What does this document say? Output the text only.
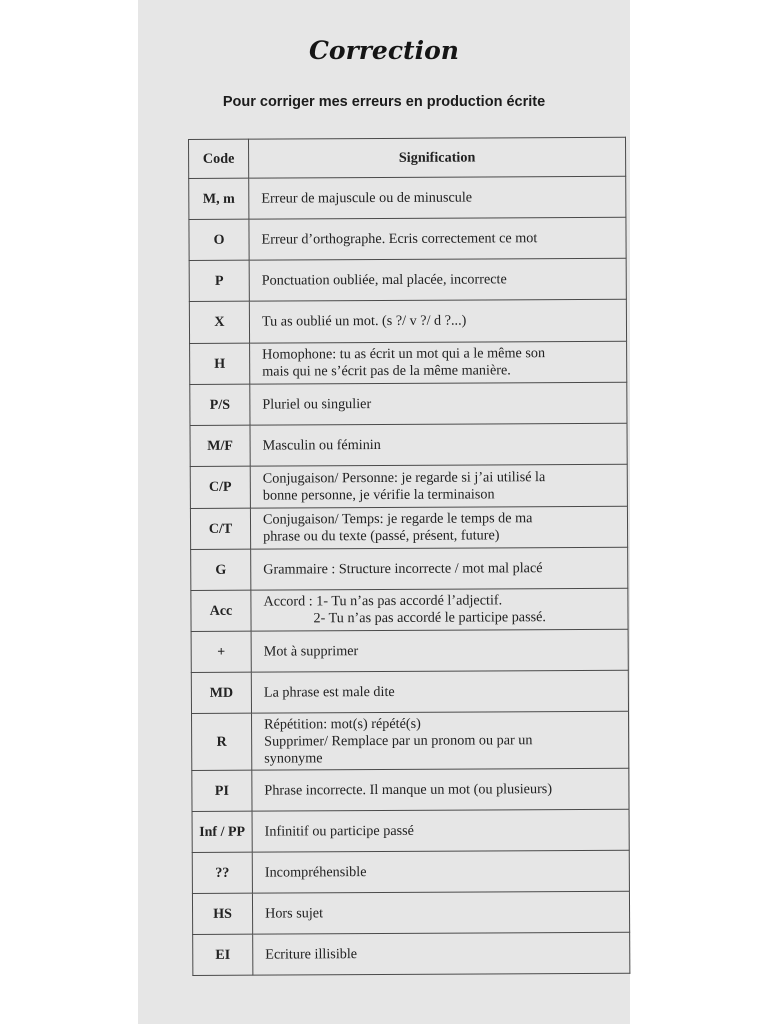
Correction
Pour corriger mes erreurs en production écrite
Code	Signification
M, m	Erreur de majuscule ou de minuscule
O	Erreur d’orthographe. Ecris correctement ce mot
P	Ponctuation oubliée, mal placée, incorrecte
X	Tu as oublié un mot. (s ?/ v ?/ d ?...)
H	Homophone: tu as écrit un mot qui a le même son
mais qui ne s’écrit pas de la même manière.
P/S	Pluriel ou singulier
M/F	Masculin ou féminin
C/P	Conjugaison/ Personne: je regarde si j’ai utilisé la
bonne personne, je vérifie la terminaison
C/T	Conjugaison/ Temps: je regarde le temps de ma
phrase ou du texte (passé, présent, future)
G	Grammaire : Structure incorrecte / mot mal placé
Acc	Accord : 1- Tu n’as pas accordé l’adjectif.
2- Tu n’as pas accordé le participe passé.
+	Mot à supprimer
MD	La phrase est male dite
R	Répétition: mot(s) répété(s)
Supprimer/ Remplace par un pronom ou par un
synonyme
PI	Phrase incorrecte. Il manque un mot (ou plusieurs)
Inf / PP	Infinitif ou participe passé
??	Incompréhensible
HS	Hors sujet
EI	Ecriture illisible
